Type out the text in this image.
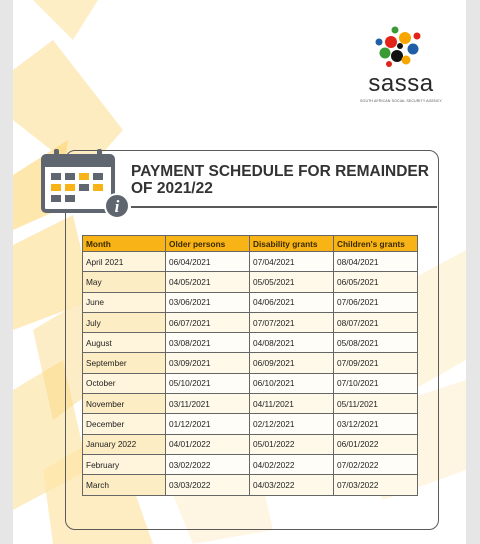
sassa
SOUTH AFRICAN SOCIAL SECURITY AGENCY
i
PAYMENT SCHEDULE FOR REMAINDER
OF 2021/22
Month	Older persons	Disability grants	Children's grants
April 2021	06/04/2021	07/04/2021	08/04/2021
May	04/05/2021	05/05/2021	06/05/2021
June	03/06/2021	04/06/2021	07/06/2021
July	06/07/2021	07/07/2021	08/07/2021
August	03/08/2021	04/08/2021	05/08/2021
September	03/09/2021	06/09/2021	07/09/2021
October	05/10/2021	06/10/2021	07/10/2021
November	03/11/2021	04/11/2021	05/11/2021
December	01/12/2021	02/12/2021	03/12/2021
January 2022	04/01/2022	05/01/2022	06/01/2022
February	03/02/2022	04/02/2022	07/02/2022
March	03/03/2022	04/03/2022	07/03/2022
